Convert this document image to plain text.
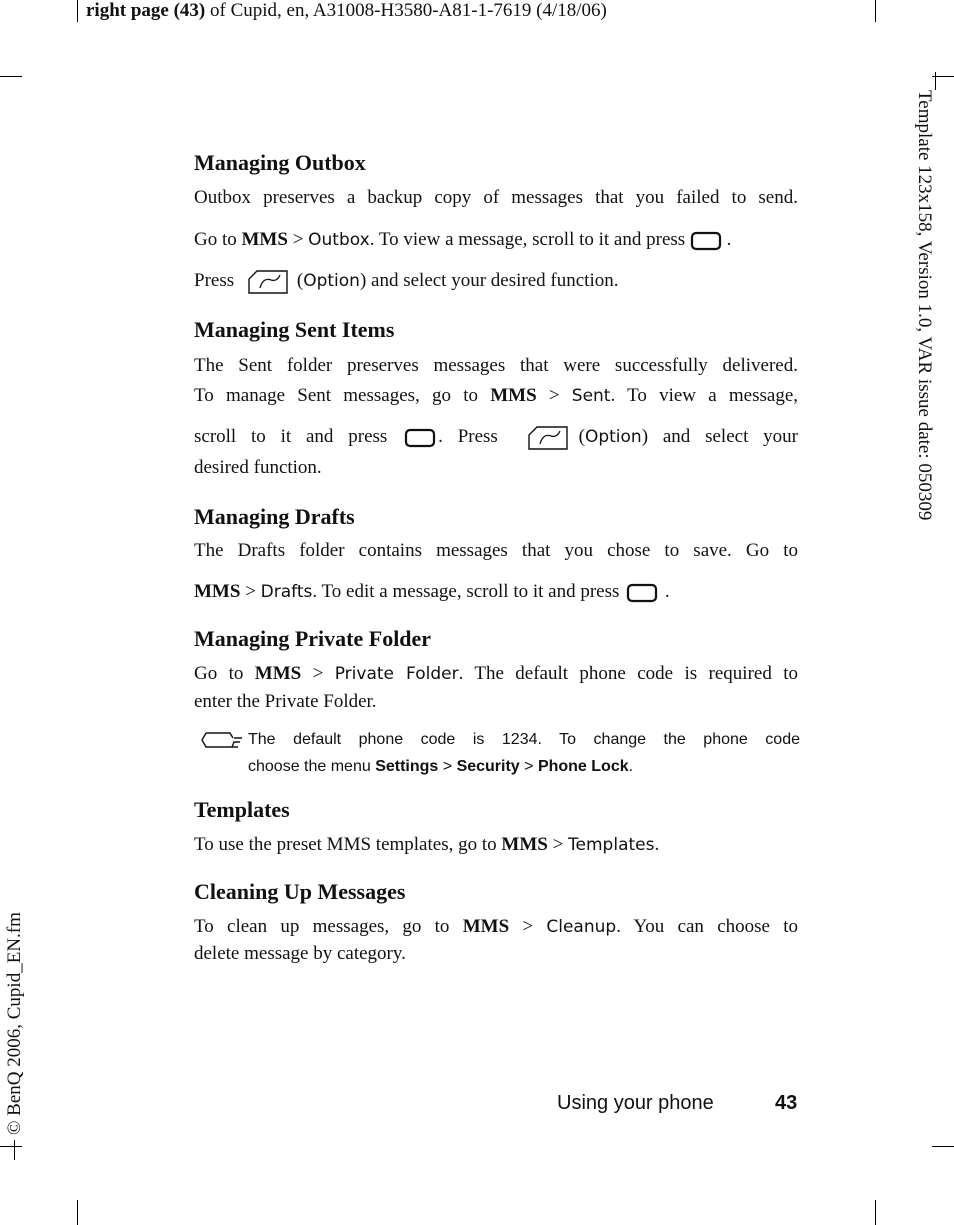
right page (43) of Cupid, en, A31008-H3580-A81-1-7619 (4/18/06)
Template 123x158, Version 1.0, VAR issue date: 050309
© BenQ 2006, Cupid_EN.fm
Managing Outbox
Outbox preserves a backup copy of messages that you failed to send.
Go to MMS > Outbox. To view a message, scroll to it and press  .
Press	(Option) and select your desired function.
Managing Sent Items
The Sent folder preserves messages that were successfully delivered.
To manage Sent messages, go to MMS > Sent. To view a message,
scroll to it and press . Press	(Option) and select your
desired function.
Managing Drafts
The Drafts folder contains messages that you chose to save. Go to
MMS > Drafts. To edit a message, scroll to it and press  .
Managing Private Folder
Go to MMS > Private Folder. The default phone code is required to
enter the Private Folder.
The default phone code is 1234. To change the phone code
choose the menu Settings > Security > Phone Lock.
Templates
To use the preset MMS templates, go to MMS > Templates.
Cleaning Up Messages
To clean up messages, go to MMS > Cleanup. You can choose to
delete message by category.
Using your phone	43
